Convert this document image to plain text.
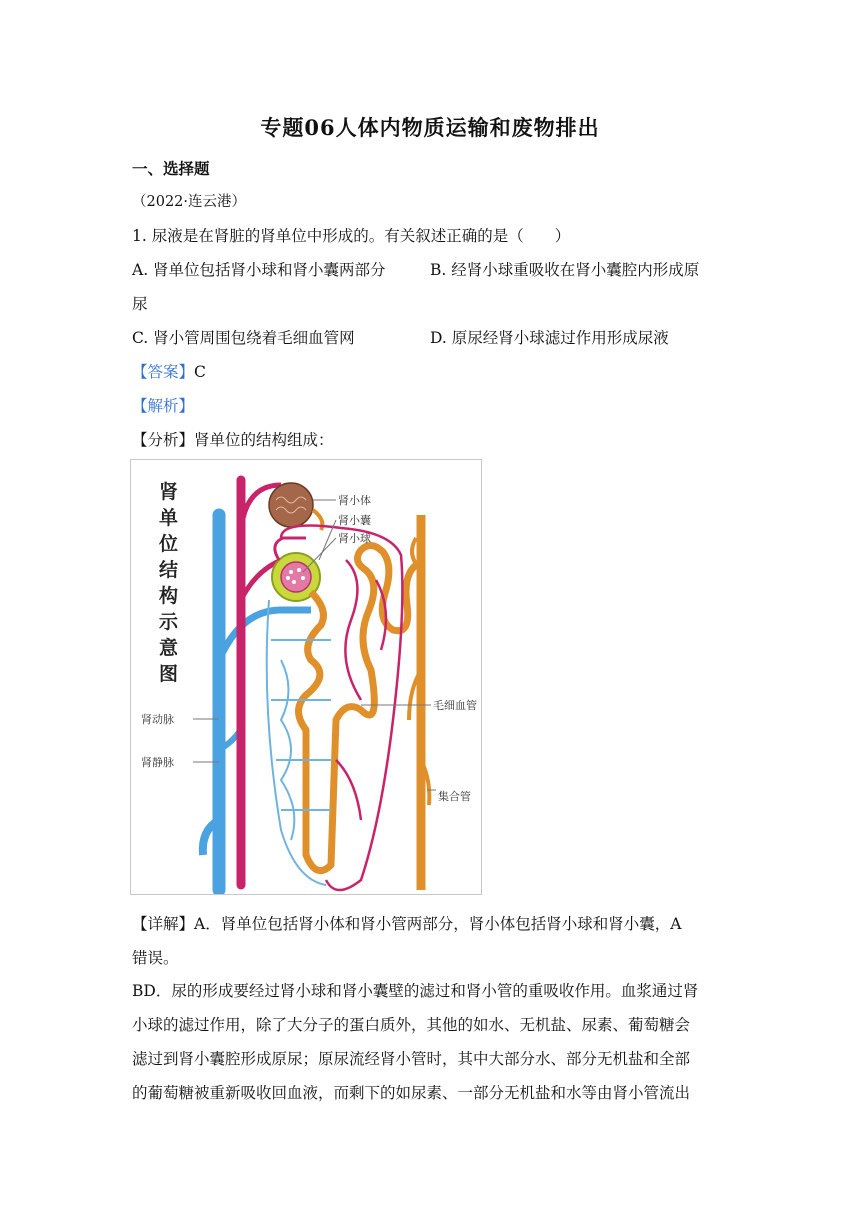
专题06人体内物质运输和废物排出
一、选择题
（2022·连云港）
1. 尿液是在肾脏的肾单位中形成的。有关叙述正确的是（　　）
A. 肾单位包括肾小球和肾小囊两部分	B. 经肾小球重吸收在肾小囊腔内形成原
尿
C. 肾小管周围包绕着毛细血管网	D. 原尿经肾小球滤过作用形成尿液
【答案】C
【解析】
【分析】肾单位的结构组成：
肾单位结构示意图
肾小体
肾小囊
肾小球
毛细血管
肾动脉
肾静脉
集合管
【详解】A．肾单位包括肾小体和肾小管两部分，肾小体包括肾小球和肾小囊，A
错误。
BD．尿的形成要经过肾小球和肾小囊壁的滤过和肾小管的重吸收作用。血浆通过肾
小球的滤过作用，除了大分子的蛋白质外，其他的如水、无机盐、尿素、葡萄糖会
滤过到肾小囊腔形成原尿；原尿流经肾小管时，其中大部分水、部分无机盐和全部
的葡萄糖被重新吸收回血液，而剩下的如尿素、一部分无机盐和水等由肾小管流出
